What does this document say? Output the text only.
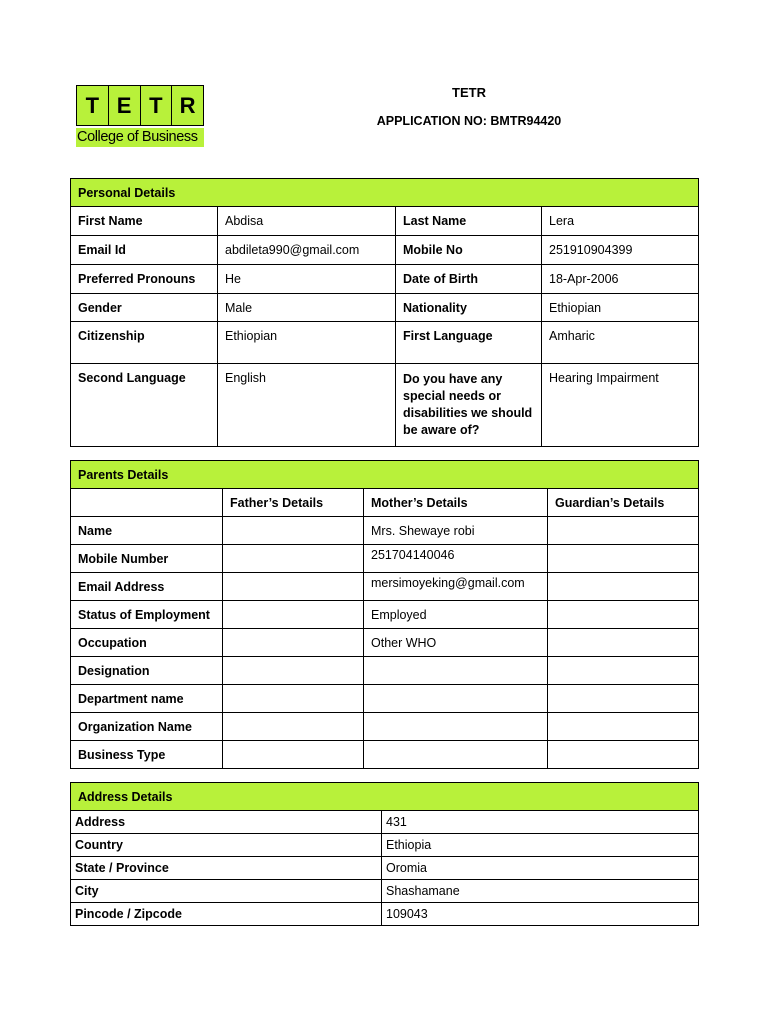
T E T R
College of Business
TETR
APPLICATION NO: BMTR94420
Personal Details			
First Name	Abdisa	Last Name	Lera
Email Id	abdileta990@gmail.com	Mobile No	251910904399
Preferred Pronouns	He	Date of Birth	18-Apr-2006
Gender	Male	Nationality	Ethiopian
Citizenship	Ethiopian	First Language	Amharic
Second Language	English	Do you have any special needs or disabilities we should be aware of?	Hearing Impairment
Parents Details			
	Father’s Details	Mother’s Details	Guardian’s Details
Name		Mrs. Shewaye robi	
Mobile Number		251704140046	
Email Address		mersimoyeking@gmail.com	
Status of Employment		Employed	
Occupation		Other WHO	
Designation			
Department name			
Organization Name			
Business Type			
Address Details	
Address	431
Country	Ethiopia
State / Province	Oromia
City	Shashamane
Pincode / Zipcode	109043
